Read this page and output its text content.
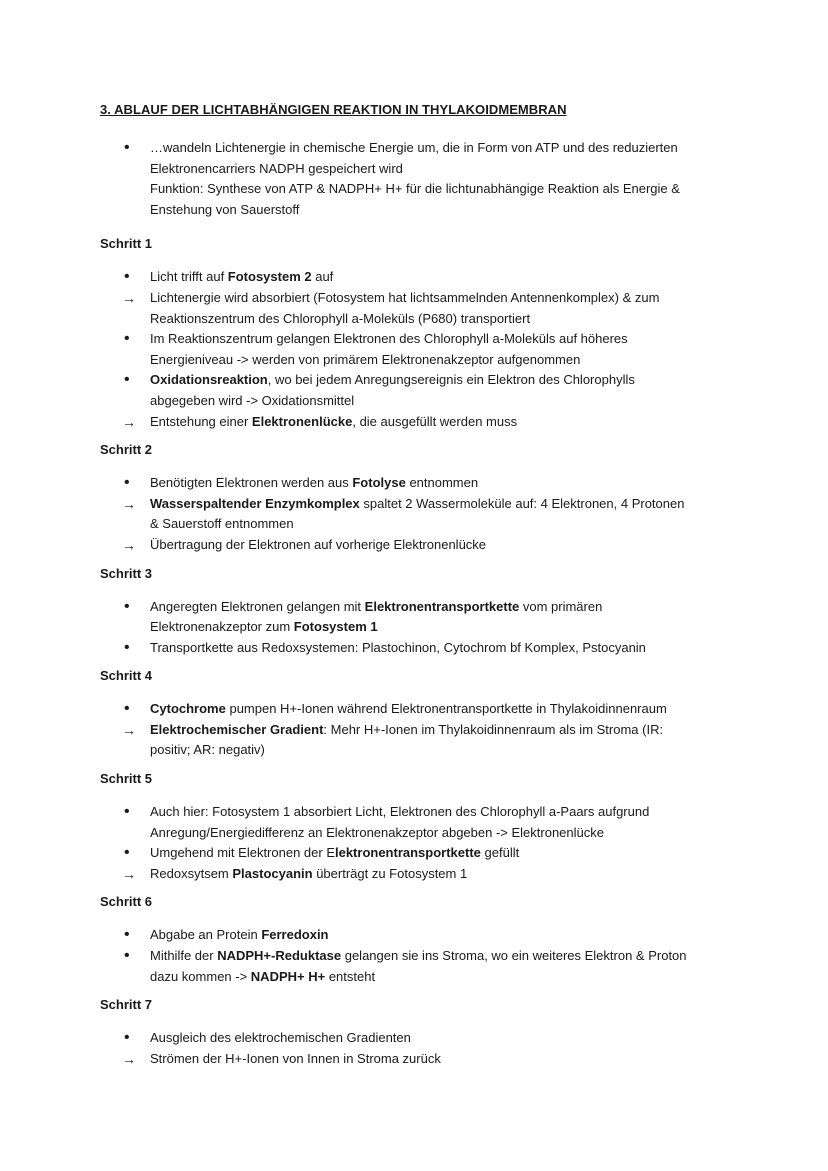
3. ABLAUF DER LICHTABHÄNGIGEN REAKTION IN THYLAKOIDMEMBRAN
•	…wandeln Lichtenergie in chemische Energie um, die in Form von ATP und des reduzierten
Elektronencarriers NADPH gespeichert wird
Funktion: Synthese von ATP & NADPH+ H+ für die lichtunabhängige Reaktion als Energie &
Enstehung von Sauerstoff
Schritt 1
•	Licht trifft auf Fotosystem 2 auf
→	Lichtenergie wird absorbiert (Fotosystem hat lichtsammelnden Antennenkomplex) & zum
Reaktionszentrum des Chlorophyll a-Moleküls (P680) transportiert
•	Im Reaktionszentrum gelangen Elektronen des Chlorophyll a-Moleküls auf höheres
Energieniveau -> werden von primärem Elektronenakzeptor aufgenommen
•	Oxidationsreaktion, wo bei jedem Anregungsereignis ein Elektron des Chlorophylls
abgegeben wird -> Oxidationsmittel
→	Entstehung einer Elektronenlücke, die ausgefüllt werden muss
Schritt 2
•	Benötigten Elektronen werden aus Fotolyse entnommen
→	Wasserspaltender Enzymkomplex spaltet 2 Wassermoleküle auf: 4 Elektronen, 4 Protonen
& Sauerstoff entnommen
→	Übertragung der Elektronen auf vorherige Elektronenlücke
Schritt 3
•	Angeregten Elektronen gelangen mit Elektronentransportkette vom primären
Elektronenakzeptor zum Fotosystem 1
•	Transportkette aus Redoxsystemen: Plastochinon, Cytochrom bf Komplex, Pstocyanin
Schritt 4
•	Cytochrome pumpen H+-Ionen während Elektronentransportkette in Thylakoidinnenraum
→	Elektrochemischer Gradient: Mehr H+-Ionen im Thylakoidinnenraum als im Stroma (IR:
positiv; AR: negativ)
Schritt 5
•	Auch hier: Fotosystem 1 absorbiert Licht, Elektronen des Chlorophyll a-Paars aufgrund
Anregung/Energiedifferenz an Elektronenakzeptor abgeben -> Elektronenlücke
•	Umgehend mit Elektronen der Elektronentransportkette gefüllt
→	Redoxsytsem Plastocyanin überträgt zu Fotosystem 1
Schritt 6
•	Abgabe an Protein Ferredoxin
•	Mithilfe der NADPH+-Reduktase gelangen sie ins Stroma, wo ein weiteres Elektron & Proton
dazu kommen -> NADPH+ H+ entsteht
Schritt 7
•	Ausgleich des elektrochemischen Gradienten
→	Strömen der H+-Ionen von Innen in Stroma zurück
